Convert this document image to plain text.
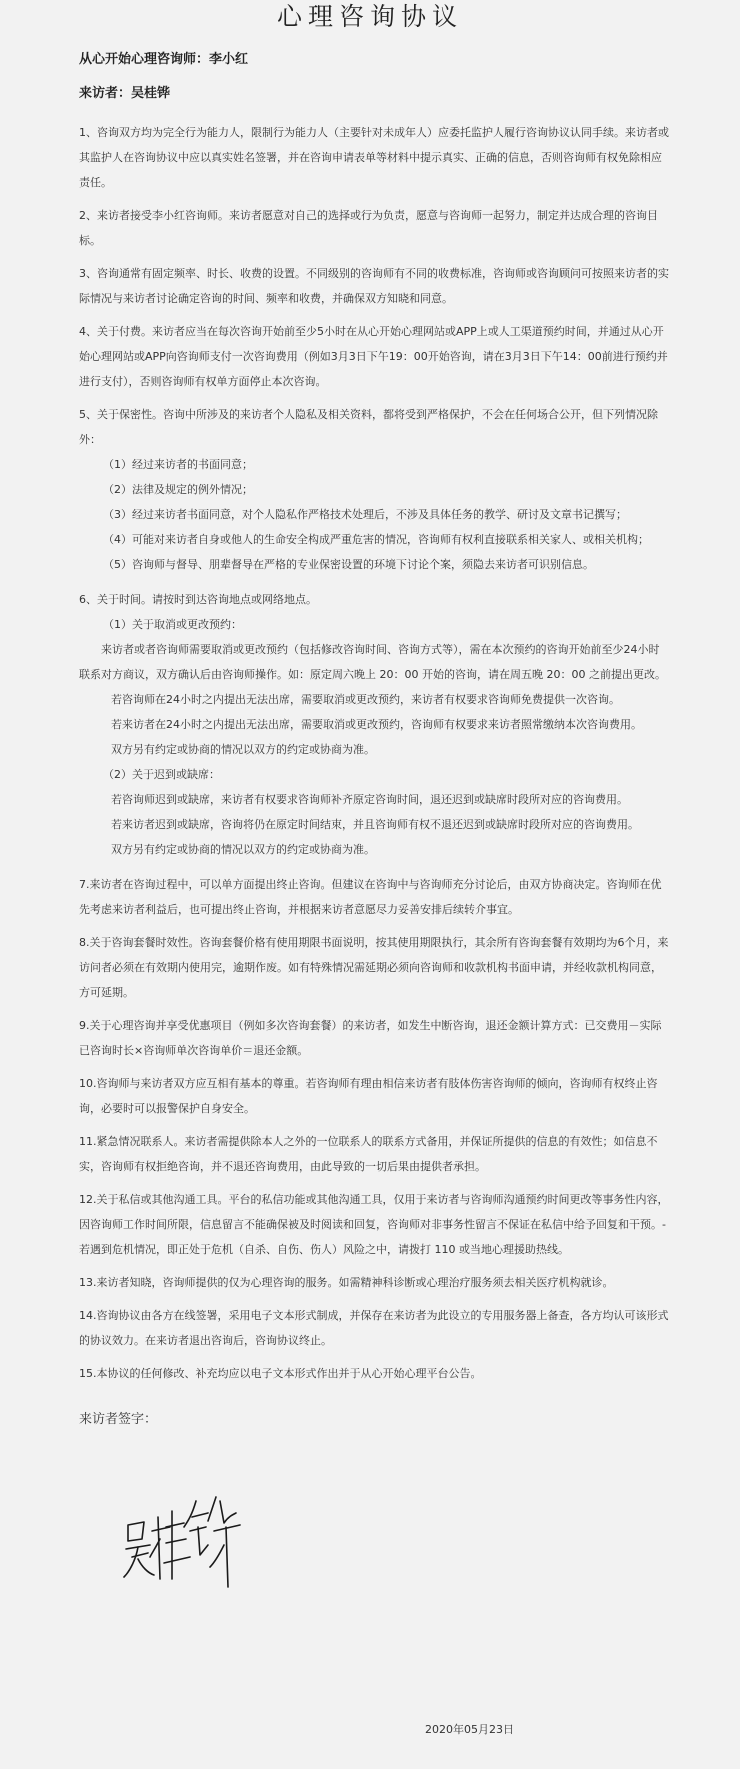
心理咨询协议
从心开始心理咨询师：李小红
来访者：吴桂铧

1、咨询双方均为完全行为能力人，限制行为能力人（主要针对未成年人）应委托监护人履行咨询协议认同手续。来访者或其监护人在咨询协议中应以真实姓名签署，并在咨询申请表单等材料中提示真实、正确的信息，否则咨询师有权免除相应责任。

2、来访者接受李小红咨询师。来访者愿意对自己的选择或行为负责，愿意与咨询师一起努力，制定并达成合理的咨询目标。

3、咨询通常有固定频率、时长、收费的设置。不同级别的咨询师有不同的收费标准，咨询师或咨询顾问可按照来访者的实际情况与来访者讨论确定咨询的时间、频率和收费，并确保双方知晓和同意。

4、关于付费。来访者应当在每次咨询开始前至少5小时在从心开始心理网站或APP上或人工渠道预约时间，并通过从心开始心理网站或APP向咨询师支付一次咨询费用（例如3月3日下午19：00开始咨询，请在3月3日下午14：00前进行预约并进行支付），否则咨询师有权单方面停止本次咨询。

5、关于保密性。咨询中所涉及的来访者个人隐私及相关资料，都将受到严格保护，不会在任何场合公开，但下列情况除外：
（1）经过来访者的书面同意；
（2）法律及规定的例外情况；
（3）经过来访者书面同意，对个人隐私作严格技术处理后，不涉及具体任务的教学、研讨及文章书记撰写；
（4）可能对来访者自身或他人的生命安全构成严重危害的情况，咨询师有权利直接联系相关家人、或相关机构；
（5）咨询师与督导、朋辈督导在严格的专业保密设置的环境下讨论个案，须隐去来访者可识别信息。
6、关于时间。请按时到达咨询地点或网络地点。
（1）关于取消或更改预约：
来访者或者咨询师需要取消或更改预约（包括修改咨询时间、咨询方式等），需在本次预约的咨询开始前至少24小时联系对方商议，双方确认后由咨询师操作。如：原定周六晚上 20：00 开始的咨询，请在周五晚 20：00 之前提出更改。
若咨询师在24小时之内提出无法出席，需要取消或更改预约，来访者有权要求咨询师免费提供一次咨询。
若来访者在24小时之内提出无法出席，需要取消或更改预约，咨询师有权要求来访者照常缴纳本次咨询费用。
双方另有约定或协商的情况以双方的约定或协商为准。
（2）关于迟到或缺席：
若咨询师迟到或缺席，来访者有权要求咨询师补齐原定咨询时间，退还迟到或缺席时段所对应的咨询费用。
若来访者迟到或缺席，咨询将仍在原定时间结束，并且咨询师有权不退还迟到或缺席时段所对应的咨询费用。
双方另有约定或协商的情况以双方的约定或协商为准。

7.来访者在咨询过程中，可以单方面提出终止咨询。但建议在咨询中与咨询师充分讨论后，由双方协商决定。咨询师在优先考虑来访者利益后，也可提出终止咨询，并根据来访者意愿尽力妥善安排后续转介事宜。

8.关于咨询套餐时效性。咨询套餐价格有使用期限书面说明，按其使用期限执行，其余所有咨询套餐有效期均为6个月，来访问者必须在有效期内使用完，逾期作废。如有特殊情况需延期必须向咨询师和收款机构书面申请，并经收款机构同意，方可延期。

9.关于心理咨询并享受优惠项目（例如多次咨询套餐）的来访者，如发生中断咨询，退还金额计算方式：已交费用－实际已咨询时长×咨询师单次咨询单价＝退还金额。

10.咨询师与来访者双方应互相有基本的尊重。若咨询师有理由相信来访者有肢体伤害咨询师的倾向，咨询师有权终止咨询，必要时可以报警保护自身安全。

11.紧急情况联系人。来访者需提供除本人之外的一位联系人的联系方式备用，并保证所提供的信息的有效性；如信息不实，咨询师有权拒绝咨询，并不退还咨询费用，由此导致的一切后果由提供者承担。

12.关于私信或其他沟通工具。平台的私信功能或其他沟通工具，仅用于来访者与咨询师沟通预约时间更改等事务性内容，因咨询师工作时间所限，信息留言不能确保被及时阅读和回复，咨询师对非事务性留言不保证在私信中给予回复和干预。- 若遇到危机情况，即正处于危机（自杀、自伤、伤人）风险之中，请拨打 110 或当地心理援助热线。

13.来访者知晓，咨询师提供的仅为心理咨询的服务。如需精神科诊断或心理治疗服务须去相关医疗机构就诊。

14.咨询协议由各方在线签署，采用电子文本形式制成，并保存在来访者为此设立的专用服务器上备查，各方均认可该形式的协议效力。在来访者退出咨询后，咨询协议终止。

15.本协议的任何修改、补充均应以电子文本形式作出并于从心开始心理平台公告。

来访者签字：
2020年05月23日
